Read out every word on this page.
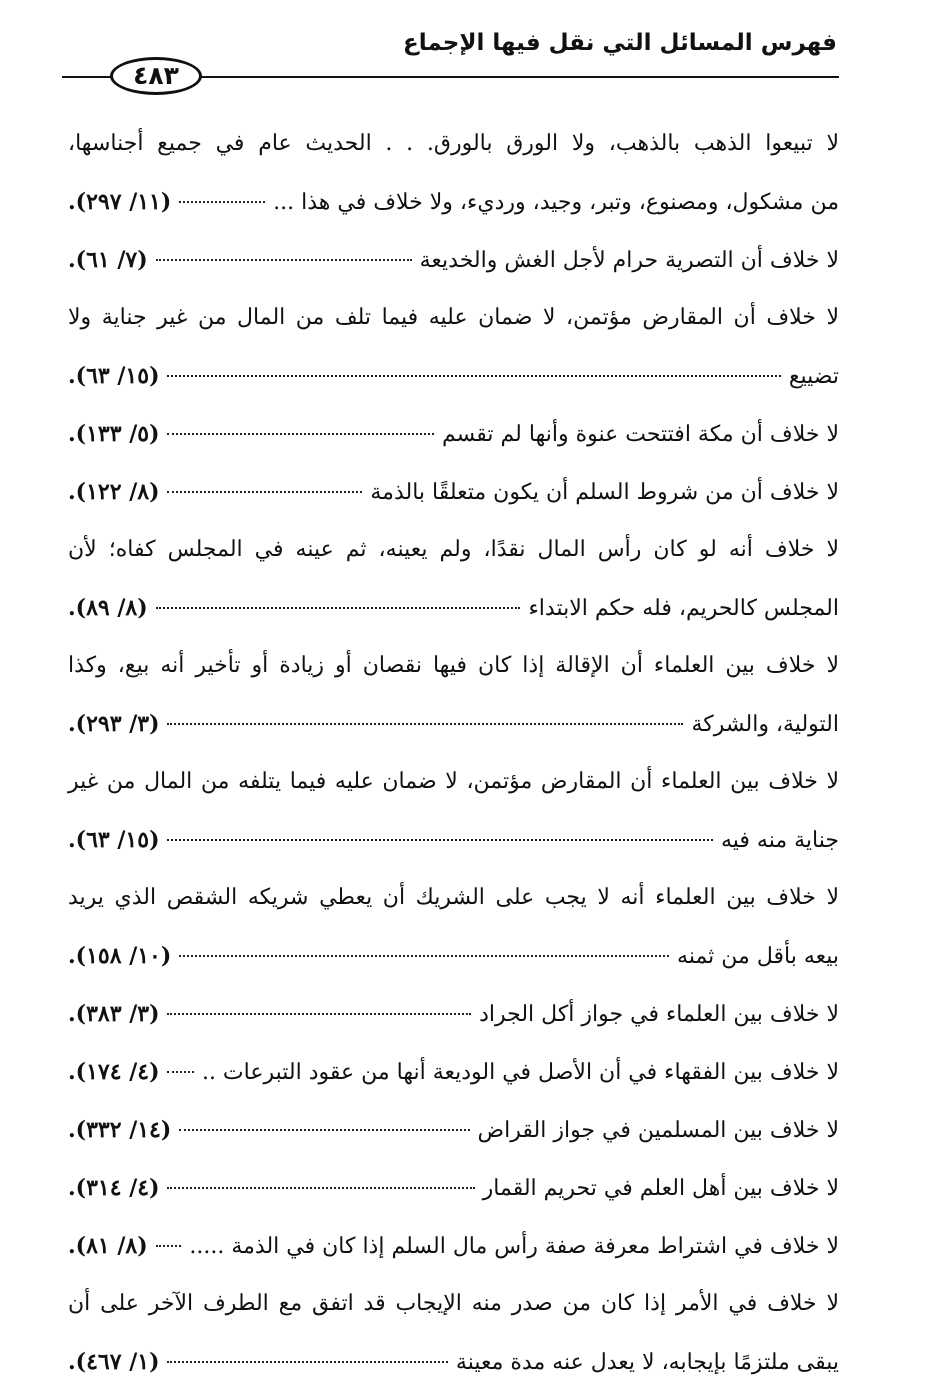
فهرس المسائل التي نقل فيها الإجماع
٤٨٣
لا تبيعوا الذهب بالذهب، ولا الورق بالورق. . . الحديث عام في جميع أجناسها،
من مشكول، ومصنوع، وتبر، وجيد، ورديء، ولا خلاف في هذا ...
(١١/ ٢٩٧).
لا خلاف أن التصرية حرام لأجل الغش والخديعة
(٧/ ٦١).
لا خلاف أن المقارض مؤتمن، لا ضمان عليه فيما تلف من المال من غير جناية ولا
تضييع
(١٥/ ٦٣).
لا خلاف أن مكة افتتحت عنوة وأنها لم تقسم
(٥/ ١٣٣).
لا خلاف أن من شروط السلم أن يكون متعلقًا بالذمة
(٨/ ١٢٢).
لا خلاف أنه لو كان رأس المال نقدًا، ولم يعينه، ثم عينه في المجلس كفاه؛ لأن
المجلس كالحريم، فله حكم الابتداء
(٨/ ٨٩).
لا خلاف بين العلماء أن الإقالة إذا كان فيها نقصان أو زيادة أو تأخير أنه بيع، وكذا
التولية، والشركة
(٣/ ٢٩٣).
لا خلاف بين العلماء أن المقارض مؤتمن، لا ضمان عليه فيما يتلفه من المال من غير
جناية منه فيه
(١٥/ ٦٣).
لا خلاف بين العلماء أنه لا يجب على الشريك أن يعطي شريكه الشقص الذي يريد
بيعه بأقل من ثمنه
(١٠/ ١٥٨).
لا خلاف بين العلماء في جواز أكل الجراد
(٣/ ٣٨٣).
لا خلاف بين الفقهاء في أن الأصل في الوديعة أنها من عقود التبرعات ..
(٤/ ١٧٤).
لا خلاف بين المسلمين في جواز القراض
(١٤/ ٣٣٢).
لا خلاف بين أهل العلم في تحريم القمار
(٤/ ٣١٤).
لا خلاف في اشتراط معرفة صفة رأس مال السلم إذا كان في الذمة .....
(٨/ ٨١).
لا خلاف في الأمر إذا كان من صدر منه الإيجاب قد اتفق مع الطرف الآخر على أن
يبقى ملتزمًا بإيجابه، لا يعدل عنه مدة معينة
(١/ ٤٦٧).
